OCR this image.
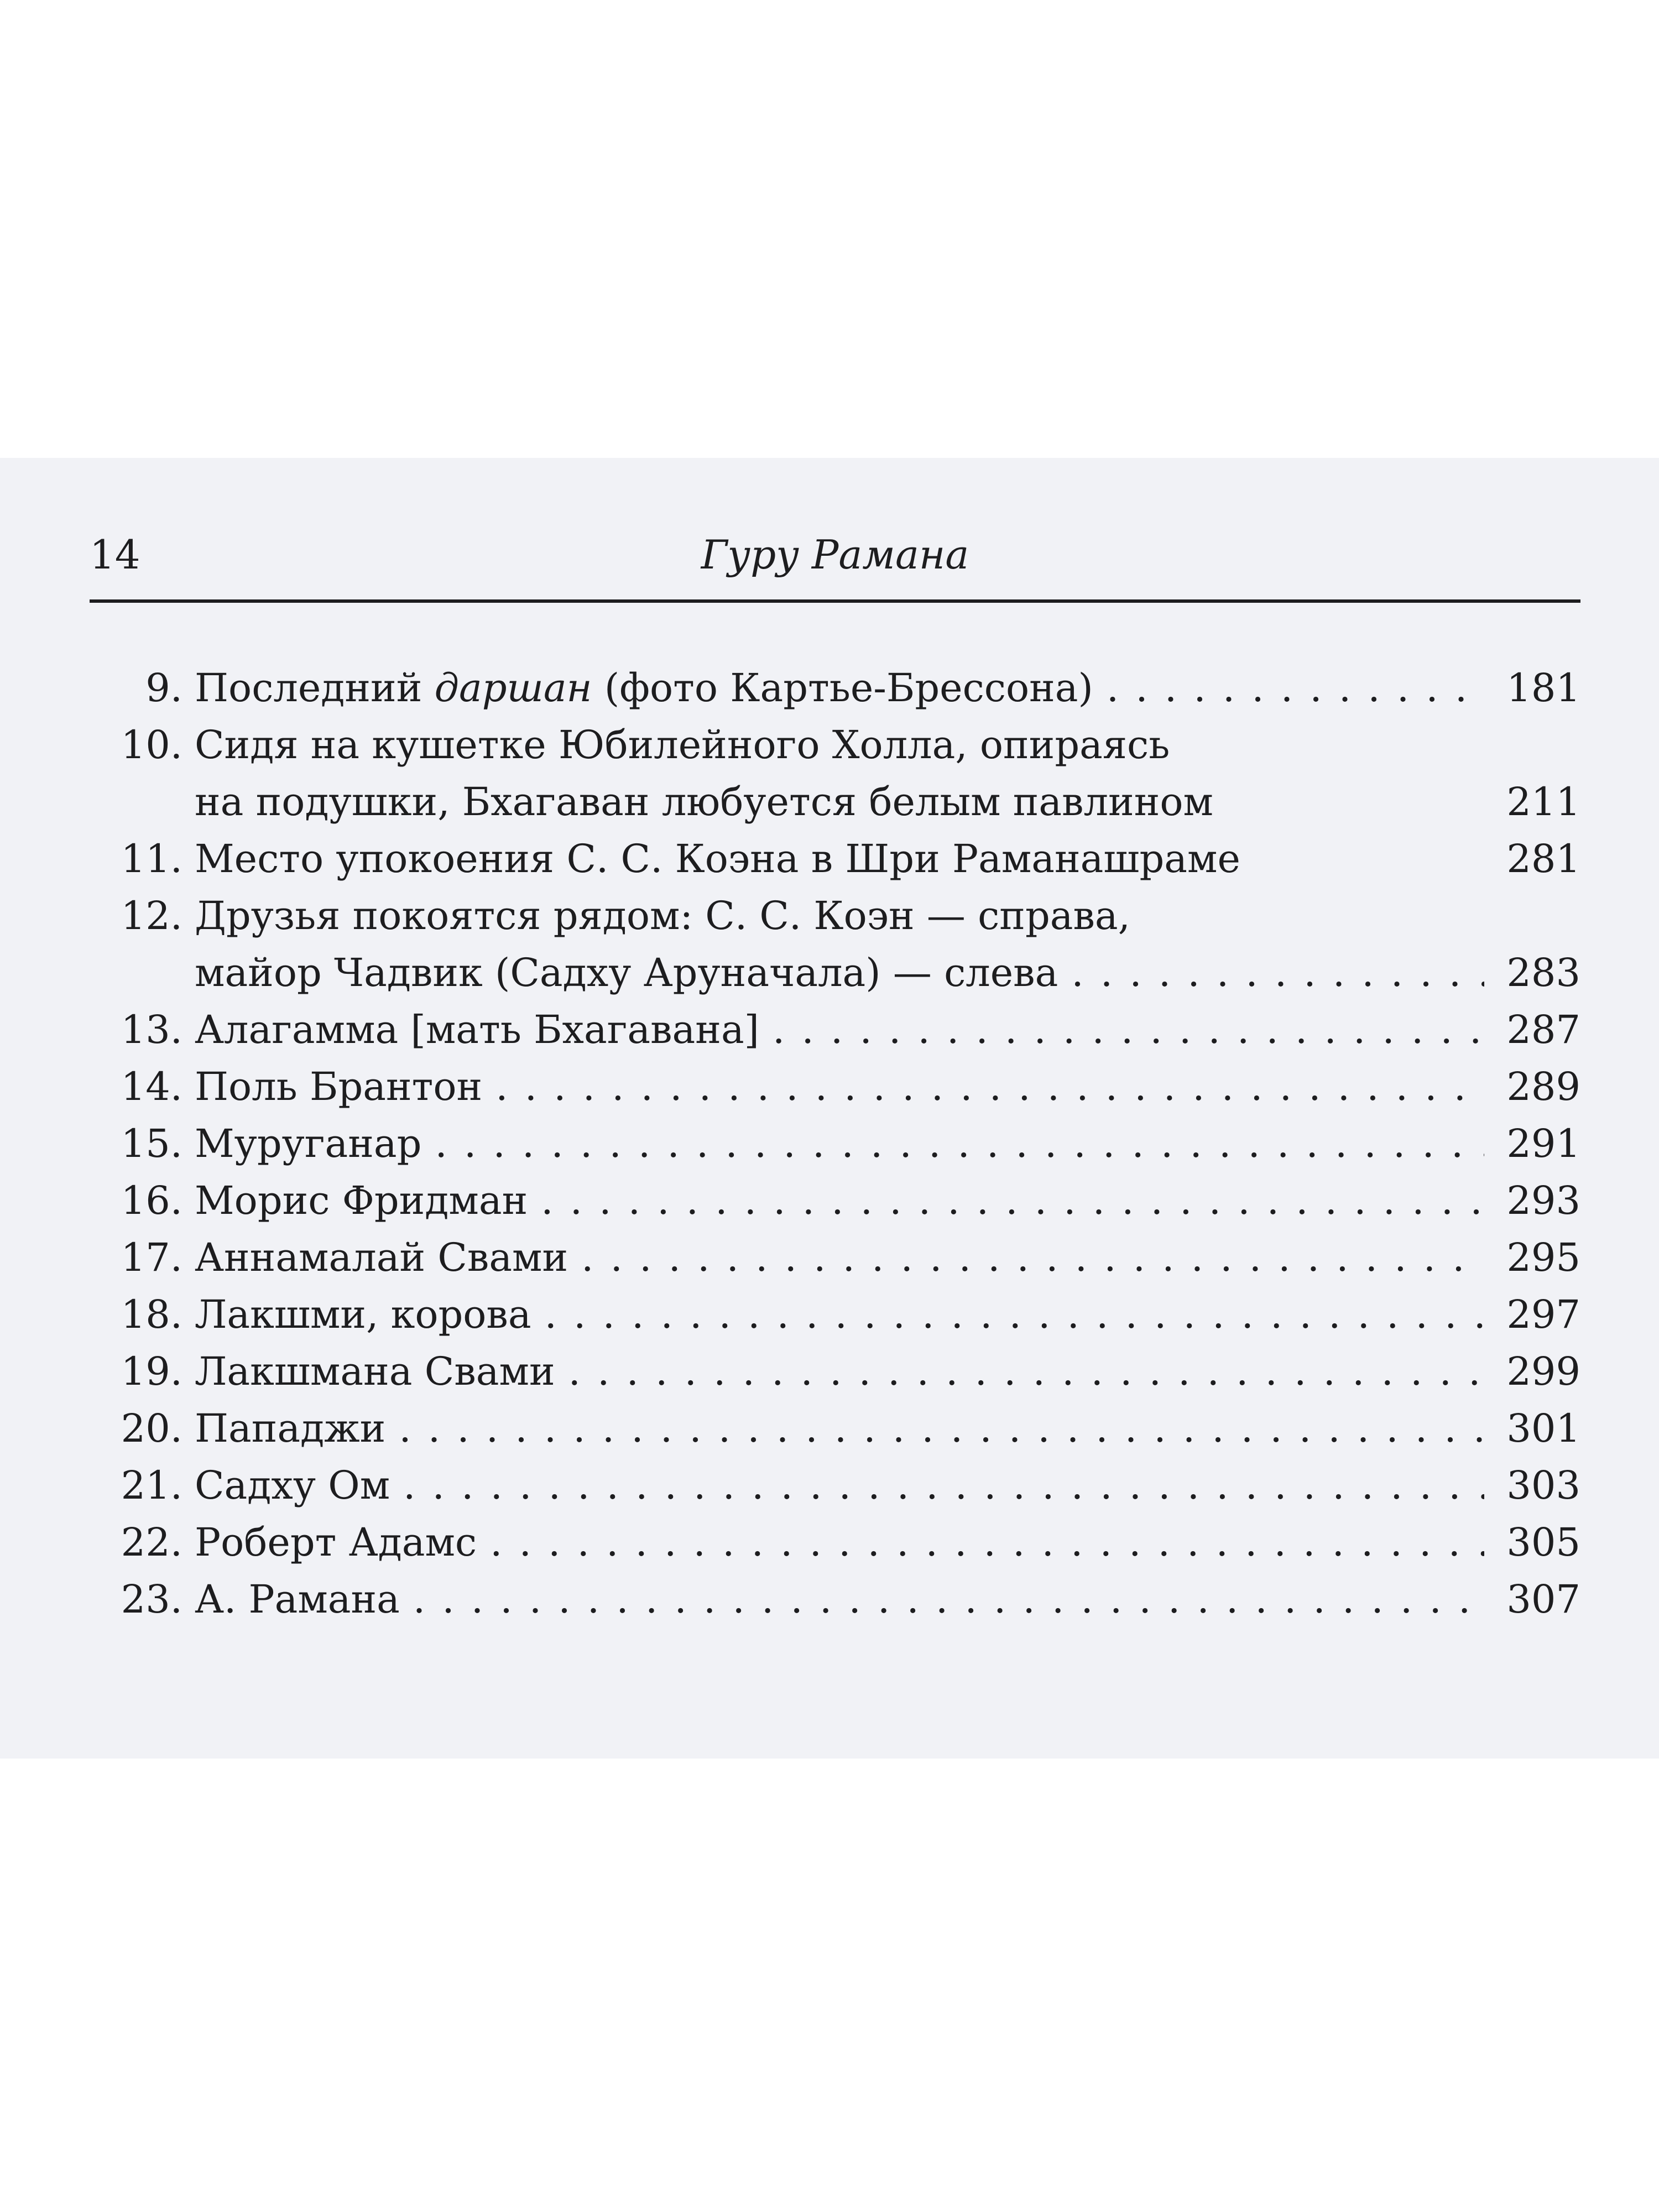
14	Гуру Рамана
9. Последний даршан (фото Картье-Брессона) . . .	181
10. Сидя на кушетке Юбилейного Холла, опираясь
на подушки, Бхагаван любуется белым павлином	211
11. Место упокоения С. С. Коэна в Шри Раманашраме	281
12. Друзья покоятся рядом: С. С. Коэн — справа,
майор Чадвик (Садху Аруначала) — слева . . .	283
13. Алагамма [мать Бхагавана] . . .	287
14. Поль Брантон . . .	289
15. Муруганар . . .	291
16. Морис Фридман . . .	293
17. Аннамалай Свами . . .	295
18. Лакшми, корова . . .	297
19. Лакшмана Свами . . .	299
20. Пападжи . . .	301
21. Садху Ом . . .	303
22. Роберт Адамс . . .	305
23. А. Рамана . . .	307
